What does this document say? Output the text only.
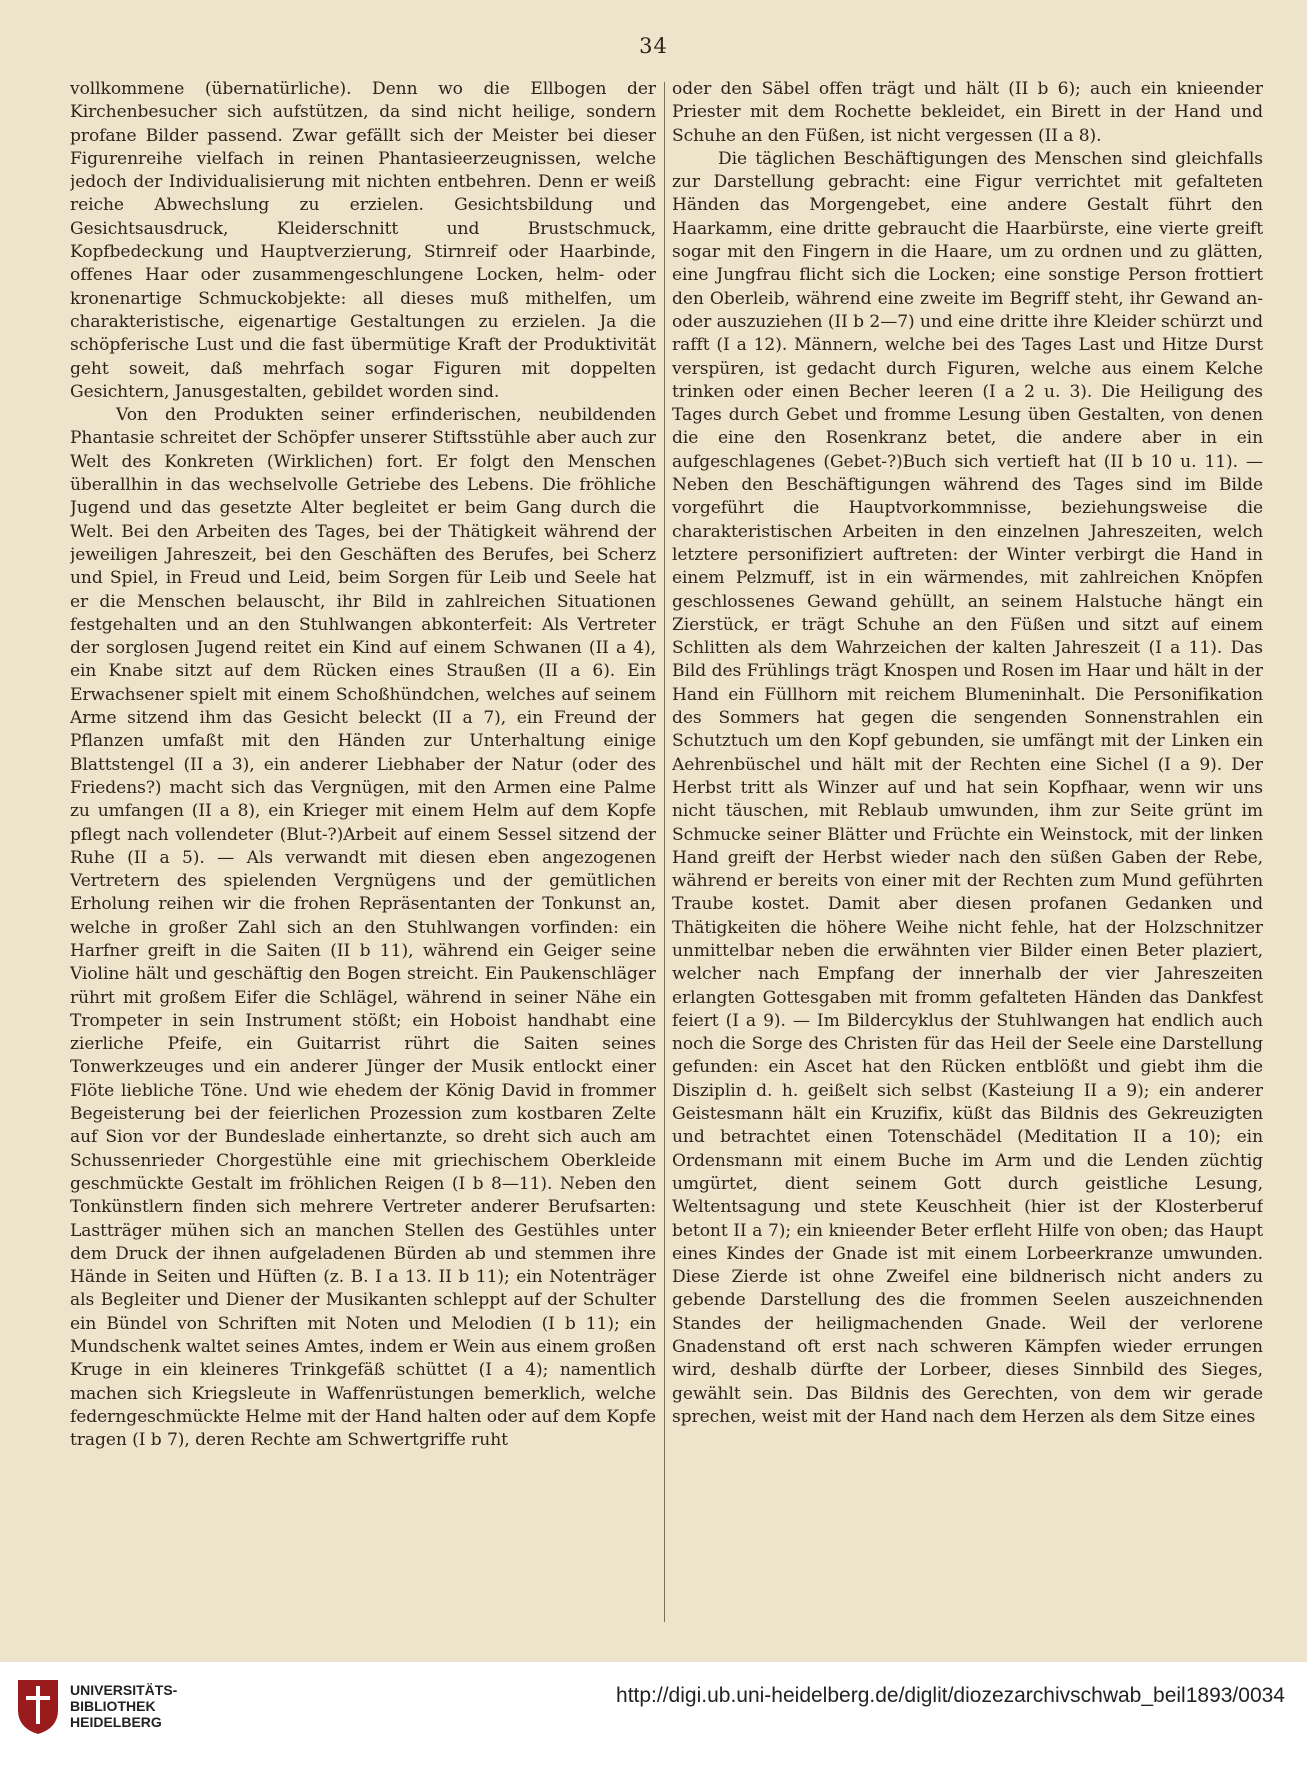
34

vollkommene (übernatürliche). Denn wo die Ellbogen der Kirchenbesucher sich aufstützen, da sind nicht heilige, sondern profane Bilder passend. Zwar gefällt sich der Meister bei dieser Figurenreihe vielfach in reinen Phantasieerzeugnissen, welche jedoch der Individualisierung mit nichten entbehren. Denn er weiß reiche Abwechslung zu erzielen. Gesichtsbildung und Gesichtsausdruck, Kleiderschnitt und Brustschmuck, Kopfbedeckung und Hauptverzierung, Stirnreif oder Haarbinde, offenes Haar oder zusammengeschlungene Locken, helm- oder kronenartige Schmuckobjekte: all dieses muß mithelfen, um charakteristische, eigenartige Gestaltungen zu erzielen. Ja die schöpferische Lust und die fast übermütige Kraft der Produktivität geht soweit, daß mehrfach sogar Figuren mit doppelten Gesichtern, Janusgestalten, gebildet worden sind.

Von den Produkten seiner erfinderischen, neubildenden Phantasie schreitet der Schöpfer unserer Stiftsstühle aber auch zur Welt des Konkreten (Wirklichen) fort. Er folgt den Menschen überallhin in das wechselvolle Getriebe des Lebens. Die fröhliche Jugend und das gesetzte Alter begleitet er beim Gang durch die Welt. Bei den Arbeiten des Tages, bei der Thätigkeit während der jeweiligen Jahreszeit, bei den Geschäften des Berufes, bei Scherz und Spiel, in Freud und Leid, beim Sorgen für Leib und Seele hat er die Menschen belauscht, ihr Bild in zahlreichen Situationen festgehalten und an den Stuhlwangen abkonterfeit: Als Vertreter der sorglosen Jugend reitet ein Kind auf einem Schwanen (II a 4), ein Knabe sitzt auf dem Rücken eines Straußen (II a 6). Ein Erwachsener spielt mit einem Schoßhündchen, welches auf seinem Arme sitzend ihm das Gesicht beleckt (II a 7), ein Freund der Pflanzen umfaßt mit den Händen zur Unterhaltung einige Blattstengel (II a 3), ein anderer Liebhaber der Natur (oder des Friedens?) macht sich das Vergnügen, mit den Armen eine Palme zu umfangen (II a 8), ein Krieger mit einem Helm auf dem Kopfe pflegt nach vollendeter (Blut-?)Arbeit auf einem Sessel sitzend der Ruhe (II a 5). — Als verwandt mit diesen eben angezogenen Vertretern des spielenden Vergnügens und der gemütlichen Erholung reihen wir die frohen Repräsentanten der Tonkunst an, welche in großer Zahl sich an den Stuhlwangen vorfinden: ein Harfner greift in die Saiten (II b 11), während ein Geiger seine Violine hält und geschäftig den Bogen streicht. Ein Paukenschläger rührt mit großem Eifer die Schlägel, während in seiner Nähe ein Trompeter in sein Instrument stößt; ein Hoboist handhabt eine zierliche Pfeife, ein Guitarrist rührt die Saiten seines Tonwerkzeuges und ein anderer Jünger der Musik entlockt einer Flöte liebliche Töne. Und wie ehedem der König David in frommer Begeisterung bei der feierlichen Prozession zum kostbaren Zelte auf Sion vor der Bundeslade einhertanzte, so dreht sich auch am Schussenrieder Chorgestühle eine mit griechischem Oberkleide geschmückte Gestalt im fröhlichen Reigen (I b 8—11). Neben den Tonkünstlern finden sich mehrere Vertreter anderer Berufsarten: Lastträger mühen sich an manchen Stellen des Gestühles unter dem Druck der ihnen aufgeladenen Bürden ab und stemmen ihre Hände in Seiten und Hüften (z. B. I a 13. II b 11); ein Notenträger als Begleiter und Diener der Musikanten schleppt auf der Schulter ein Bündel von Schriften mit Noten und Melodien (I b 11); ein Mundschenk waltet seines Amtes, indem er Wein aus einem großen Kruge in ein kleineres Trinkgefäß schüttet (I a 4); namentlich machen sich Kriegsleute in Waffenrüstungen bemerklich, welche federngeschmückte Helme mit der Hand halten oder auf dem Kopfe tragen (I b 7), deren Rechte am Schwertgriffe ruht

oder den Säbel offen trägt und hält (II b 6); auch ein knieender Priester mit dem Rochette bekleidet, ein Birett in der Hand und Schuhe an den Füßen, ist nicht vergessen (II a 8).

Die täglichen Beschäftigungen des Menschen sind gleichfalls zur Darstellung gebracht: eine Figur verrichtet mit gefalteten Händen das Morgengebet, eine andere Gestalt führt den Haarkamm, eine dritte gebraucht die Haarbürste, eine vierte greift sogar mit den Fingern in die Haare, um zu ordnen und zu glätten, eine Jungfrau flicht sich die Locken; eine sonstige Person frottiert den Oberleib, während eine zweite im Begriff steht, ihr Gewand an- oder auszuziehen (II b 2—7) und eine dritte ihre Kleider schürzt und rafft (I a 12). Männern, welche bei des Tages Last und Hitze Durst verspüren, ist gedacht durch Figuren, welche aus einem Kelche trinken oder einen Becher leeren (I a 2 u. 3). Die Heiligung des Tages durch Gebet und fromme Lesung üben Gestalten, von denen die eine den Rosenkranz betet, die andere aber in ein aufgeschlagenes (Gebet-?)Buch sich vertieft hat (II b 10 u. 11). — Neben den Beschäftigungen während des Tages sind im Bilde vorgeführt die Hauptvorkommnisse, beziehungsweise die charakteristischen Arbeiten in den einzelnen Jahreszeiten, welch letztere personifiziert auftreten: der Winter verbirgt die Hand in einem Pelzmuff, ist in ein wärmendes, mit zahlreichen Knöpfen geschlossenes Gewand gehüllt, an seinem Halstuche hängt ein Zierstück, er trägt Schuhe an den Füßen und sitzt auf einem Schlitten als dem Wahrzeichen der kalten Jahreszeit (I a 11). Das Bild des Frühlings trägt Knospen und Rosen im Haar und hält in der Hand ein Füllhorn mit reichem Blumeninhalt. Die Personifikation des Sommers hat gegen die sengenden Sonnenstrahlen ein Schutztuch um den Kopf gebunden, sie umfängt mit der Linken ein Aehrenbüschel und hält mit der Rechten eine Sichel (I a 9). Der Herbst tritt als Winzer auf und hat sein Kopfhaar, wenn wir uns nicht täuschen, mit Reblaub umwunden, ihm zur Seite grünt im Schmucke seiner Blätter und Früchte ein Weinstock, mit der linken Hand greift der Herbst wieder nach den süßen Gaben der Rebe, während er bereits von einer mit der Rechten zum Mund geführten Traube kostet. Damit aber diesen profanen Gedanken und Thätigkeiten die höhere Weihe nicht fehle, hat der Holzschnitzer unmittelbar neben die erwähnten vier Bilder einen Beter plaziert, welcher nach Empfang der innerhalb der vier Jahreszeiten erlangten Gottesgaben mit fromm gefalteten Händen das Dankfest feiert (I a 9). — Im Bildercyklus der Stuhlwangen hat endlich auch noch die Sorge des Christen für das Heil der Seele eine Darstellung gefunden: ein Ascet hat den Rücken entblößt und giebt ihm die Disziplin d. h. geißelt sich selbst (Kasteiung II a 9); ein anderer Geistesmann hält ein Kruzifix, küßt das Bildnis des Gekreuzigten und betrachtet einen Totenschädel (Meditation II a 10); ein Ordensmann mit einem Buche im Arm und die Lenden züchtig umgürtet, dient seinem Gott durch geistliche Lesung, Weltentsagung und stete Keuschheit (hier ist der Klosterberuf betont II a 7); ein knieender Beter erfleht Hilfe von oben; das Haupt eines Kindes der Gnade ist mit einem Lorbeerkranze umwunden. Diese Zierde ist ohne Zweifel eine bildnerisch nicht anders zu gebende Darstellung des die frommen Seelen auszeichnenden Standes der heiligmachenden Gnade. Weil der verlorene Gnadenstand oft erst nach schweren Kämpfen wieder errungen wird, deshalb dürfte der Lorbeer, dieses Sinnbild des Sieges, gewählt sein. Das Bildnis des Gerechten, von dem wir gerade sprechen, weist mit der Hand nach dem Herzen als dem Sitze eines

UNIVERSITÄTS-
BIBLIOTHEK
HEIDELBERG
http://digi.ub.uni-heidelberg.de/diglit/diozezarchivschwab_beil1893/0034
